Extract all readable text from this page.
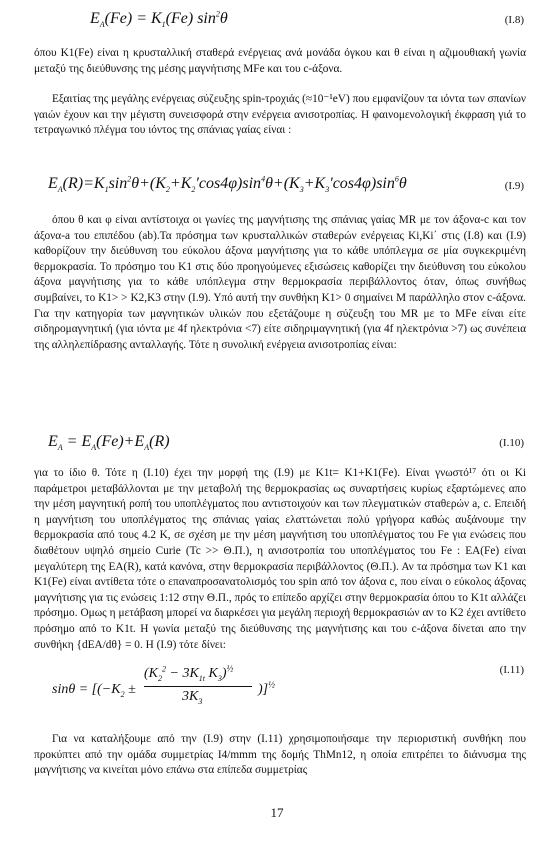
$E_A(Fe) = K_1(Fe)$ $\sin^2\theta$	(I.8)
όπου K1(Fe) είναι η κρυσταλλική σταθερά ενέργειας ανά μονάδα όγκου και θ είναι η αζιμουθιακή γωνία μεταξύ της διεύθυνσης της μέσης μαγνήτισης MFe και του c-άξονα.
Εξαιτίας της μεγάλης ενέργειας σύζευξης spin-τροχιάς (≈10⁻¹eV) που εμφανίζουν τα ιόντα των σπανίων γαιών έχουν και την μέγιστη συνεισφορά στην ενέργεια ανισοτροπίας. Η φαινομενολογική έκφραση γιά το τετραγωνικό πλέγμα του ιόντος της σπάνιας γαίας είναι :
$E_A(R)=K_1\sin^2\theta+(K_2+K_2'\cos 4\varphi)\sin^4\theta+(K_3+K_3'\cos 4\varphi)\sin^6\theta$	(I.9)
όπου θ και φ είναι αντίστοιχα οι γωνίες της μαγνήτισης της σπάνιας γαίας MR με τον άξονα-c και τον άξονα-a του επιπέδου (ab).Τα πρόσημα των κρυσταλλικών σταθερών ενέργειας Ki,Ki΄ στις (I.8) και (I.9) καθορίζουν την διεύθυνση του εύκολου άξονα μαγνήτισης για το κάθε υπόπλεγμα σε μία συγκεκριμένη θερμοκρασία. Το πρόσημο του K1 στις δύο προηγούμενες εξισώσεις καθορίζει την διεύθυνση του εύκολου άξονα μαγνήτισης για το κάθε υπόπλεγμα στην θερμοκρασία περιβάλλοντος όταν, όπως συνήθως συμβαίνει, το K1> > K2,K3 στην (I.9). Υπό αυτή την συνθήκη K1> 0 σημαίνει M παράλληλο στον c-άξονα. Για την κατηγορία των μαγνητικών υλικών που εξετάζουμε η σύζευξη του MR με το MFe είναι είτε σιδηρομαγνητική (για ιόντα με 4f ηλεκτρόνια <7) είτε σιδηριμαγνητική (για 4f ηλεκτρόνια >7) ως συνέπεια της αλληλεπίδρασης ανταλλαγής. Τότε η συνολική ενέργεια ανισοτροπίας είναι:
$E_A = E_A(Fe)+E_A(R)$	(I.10)
για το ίδιο θ. Τότε η (I.10) έχει την μορφή της (I.9) με K1t= K1+K1(Fe). Είναι γνωστό¹⁷ ότι οι Ki παράμετροι μεταβάλλονται με την μεταβολή της θερμοκρασίας ως συναρτήσεις κυρίως εξαρτώμενες απο την μέση μαγνητική ροπή του υποπλέγματος που αντιστοιχούν και των πλεγματικών σταθερών a, c. Επειδή η μαγνήτιση του υποπλέγματος της σπάνιας γαίας ελαττώνεται πολύ γρήγορα καθώς αυξάνουμε την θερμοκρασία από τους 4.2 K, σε σχέση με την μέση μαγνήτιση του υποπλέγματος του Fe για ενώσεις που διαθέτουν υψηλό σημείο Curie (Tc >> Θ.Π.), η ανισοτροπία του υποπλέγματος του Fe : EA(Fe) είναι μεγαλύτερη της EA(R), κατά κανόνα, στην θερμοκρασία περιβάλλοντος (Θ.Π.). Αν τα πρόσημα των K1 και K1(Fe) είναι αντίθετα τότε ο επαναπροσανατολισμός του spin από τον άξονα c, που είναι ο εύκολος άξονας μαγνήτισης για τις ενώσεις 1:12 στην Θ.Π., πρός το επίπεδο αρχίζει στην θερμοκρασία όπου το K1t αλλάζει πρόσημο. Ομως η μετάβαση μπορεί να διαρκέσει για μεγάλη περιοχή θερμοκρασιών αν το K2 έχει αντίθετο πρόσημο από το K1t. Η γωνία μεταξύ της διεύθυνσης της μαγνήτισης και του c-άξονα δίνεται απο την συνθήκη {dEA/dθ} = 0. Η (I.9) τότε δίνει:
$\sin\theta = [(-K_2$ ±
($K_2^2 - 3K_{1t}$ $K_3)^{\frac{1}{2}}$
$3K_3$
)]$^{\frac{1}{2}}$
(I.11)
Για να καταλήξουμε από την (I.9) στην (I.11) χρησιμοποιήσαμε την περιοριστική συνθήκη που προκύπτει από την ομάδα συμμετρίας I4/mmm της δομής ThMn12, η οποία επιτρέπει το διάνυσμα της μαγνήτισης να κινείται μόνο επάνω στα επίπεδα συμμετρίας
17
